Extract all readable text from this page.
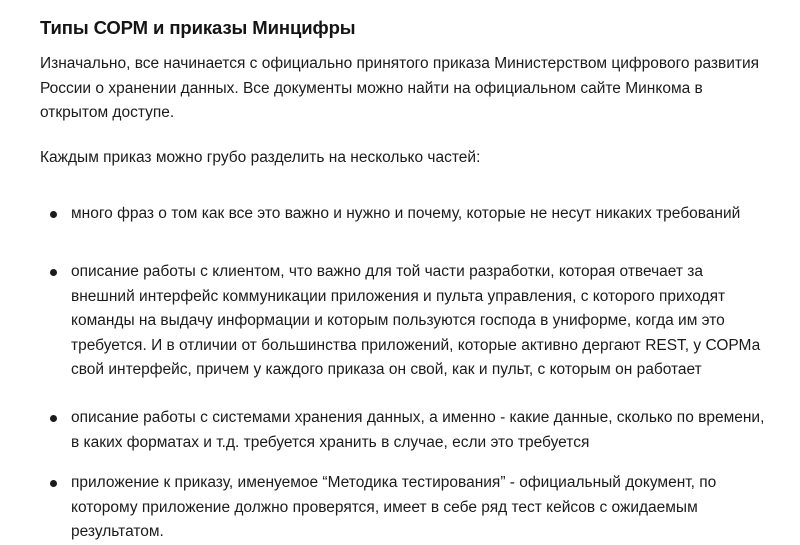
Типы СОРМ и приказы Минцифры

Изначально, все начинается с официально принятого приказа Министерством цифрового развития России о хранении данных. Все документы можно найти на официальном сайте Минкома в открытом доступе.

Каждым приказ можно грубо разделить на несколько частей:

много фраз о том как все это важно и нужно и почему, которые не несут никаких требований

описание работы с клиентом, что важно для той части разработки, которая отвечает за внешний интерфейс коммуникации приложения и пульта управления, с которого приходят команды на выдачу информации и которым пользуются господа в униформе, когда им это требуется. И в отличии от большинства приложений, которые активно дергают REST, у СОРМа свой интерфейс, причем у каждого приказа он свой, как и пульт, с которым он работает

описание работы с системами хранения данных, а именно - какие данные, сколько по времени, в каких форматах и т.д. требуется хранить в случае, если это требуется

приложение к приказу, именуемое “Методика тестирования” - официальный документ, по которому приложение должно проверятся, имеет в себе ряд тест кейсов с ожидаемым результатом.
